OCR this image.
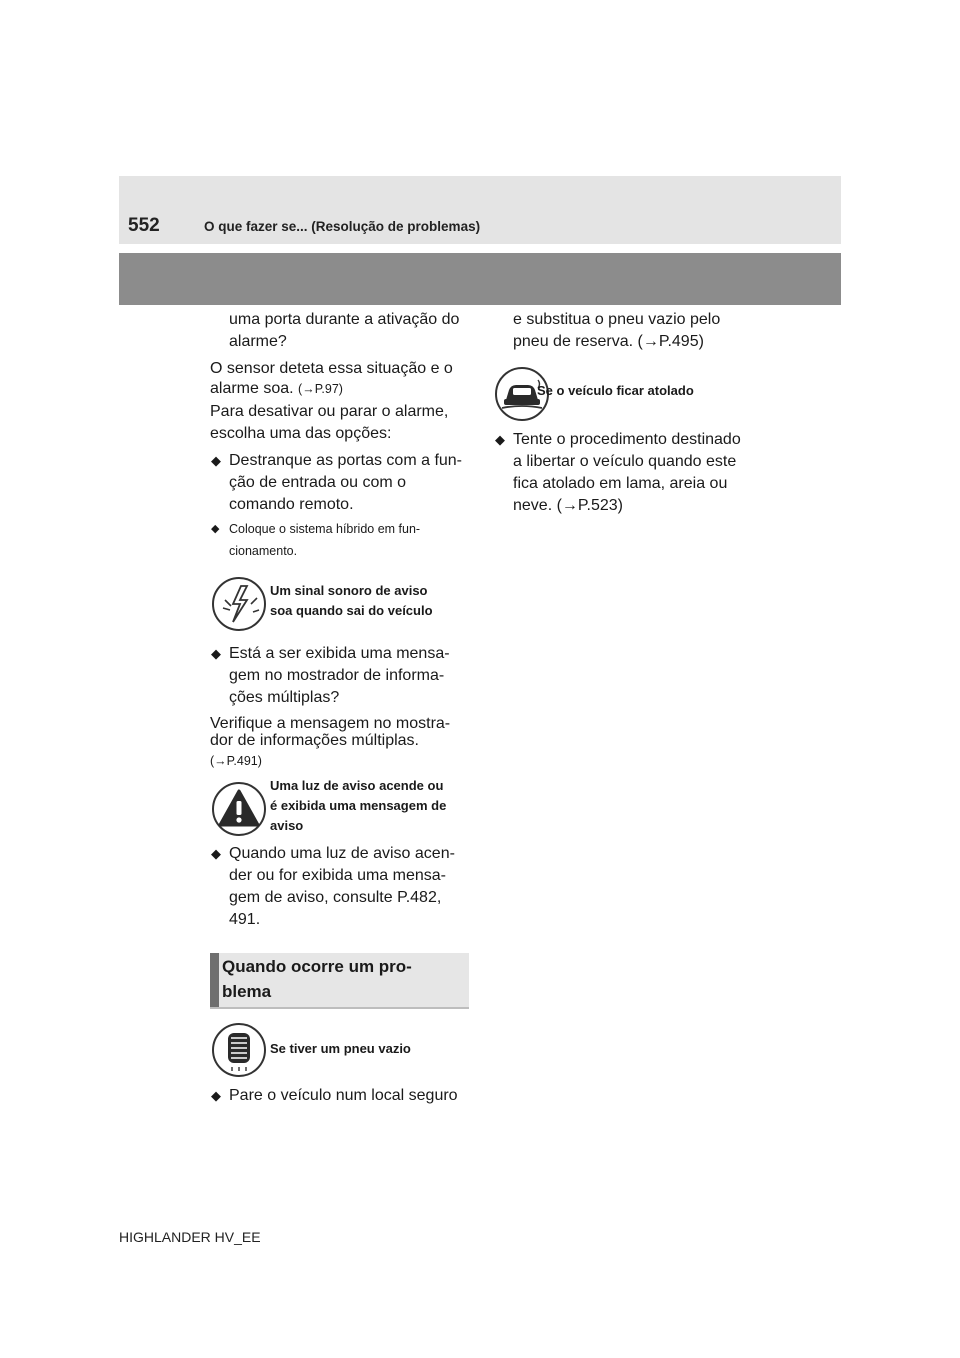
552	O que fazer se... (Resolução de problemas)
uma porta durante a ativação do
alarme?
O sensor deteta essa situação e o
alarme soa. (→P.97)
Para desativar ou parar o alarme,
escolha uma das opções:
◆ Destranque as portas com a fun-
ção de entrada ou com o
comando remoto.
◆ Coloque o sistema híbrido em fun-
cionamento.
Um sinal sonoro de aviso
soa quando sai do veículo
◆ Está a ser exibida uma mensa-
gem no mostrador de informa-
ções múltiplas?
Verifique a mensagem no mostra-
dor de informações múltiplas.
(→P.491)
Uma luz de aviso acende ou
é exibida uma mensagem de
aviso
◆ Quando uma luz de aviso acen-
der ou for exibida uma mensa-
gem de aviso, consulte P.482,
491.
Quando ocorre um pro-
blema
Se tiver um pneu vazio
◆ Pare o veículo num local seguro
e substitua o pneu vazio pelo
pneu de reserva. (→P.495)
Se o veículo ficar atolado
◆ Tente o procedimento destinado
a libertar o veículo quando este
fica atolado em lama, areia ou
neve. (→P.523)
HIGHLANDER HV_EE
